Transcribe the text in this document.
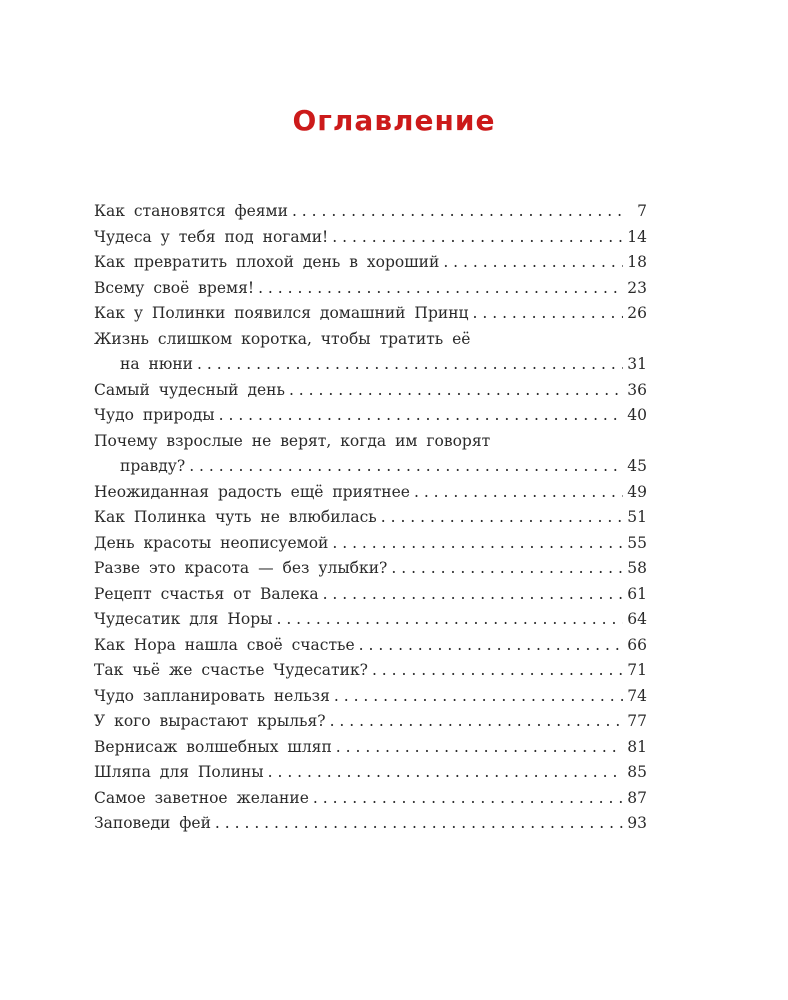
Оглавление
Как становятся феями . . .	7
Чудеса у тебя под ногами! . . .	14
Как превратить плохой день в хороший . . .	18
Всему своё время! . . .	23
Как у Полинки появился домашний Принц . . .	26
Жизнь слишком коротка, чтобы тратить её
на нюни . . .	31
Самый чудесный день . . .	36
Чудо природы . . .	40
Почему взрослые не верят, когда им говорят
правду? . . .	45
Неожиданная радость ещё приятнее . . .	49
Как Полинка чуть не влюбилась . . .	51
День красоты неописуемой . . .	55
Разве это красота — без улыбки? . . .	58
Рецепт счастья от Валека . . .	61
Чудесатик для Норы . . .	64
Как Нора нашла своё счастье . . .	66
Так чьё же счастье Чудесатик? . . .	71
Чудо запланировать нельзя . . .	74
У кого вырастают крылья? . . .	77
Вернисаж волшебных шляп . . .	81
Шляпа для Полины . . .	85
Самое заветное желание . . .	87
Заповеди фей . . .	93
